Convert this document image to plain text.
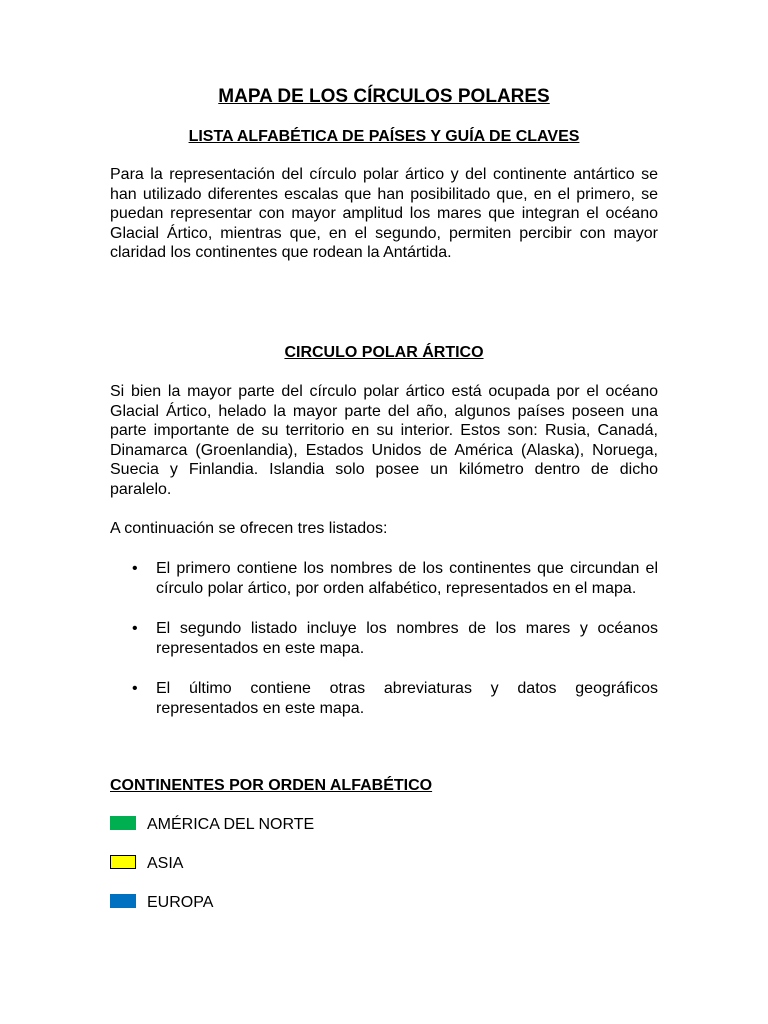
MAPA DE LOS CÍRCULOS POLARES
LISTA ALFABÉTICA DE PAÍSES Y GUÍA DE CLAVES

Para la representación del círculo polar ártico y del continente antártico se han utilizado diferentes escalas que han posibilitado que, en el primero, se puedan representar con mayor amplitud los mares que integran el océano Glacial Ártico, mientras que, en el segundo, permiten percibir con mayor claridad los continentes que rodean la Antártida.

CIRCULO POLAR ÁRTICO

Si bien la mayor parte del círculo polar ártico está ocupada por el océano Glacial Ártico, helado la mayor parte del año, algunos países poseen una parte importante de su territorio en su interior. Estos son: Rusia, Canadá, Dinamarca (Groenlandia), Estados Unidos de América (Alaska), Noruega, Suecia y Finlandia. Islandia solo posee un kilómetro dentro de dicho paralelo.

A continuación se ofrecen tres listados:

• El primero contiene los nombres de los continentes que circundan el círculo polar ártico, por orden alfabético, representados en el mapa.
• El segundo listado incluye los nombres de los mares y océanos representados en este mapa.
• El último contiene otras abreviaturas y datos geográficos representados en este mapa.
CONTINENTES POR ORDEN ALFABÉTICO
AMÉRICA DEL NORTE
ASIA
EUROPA
